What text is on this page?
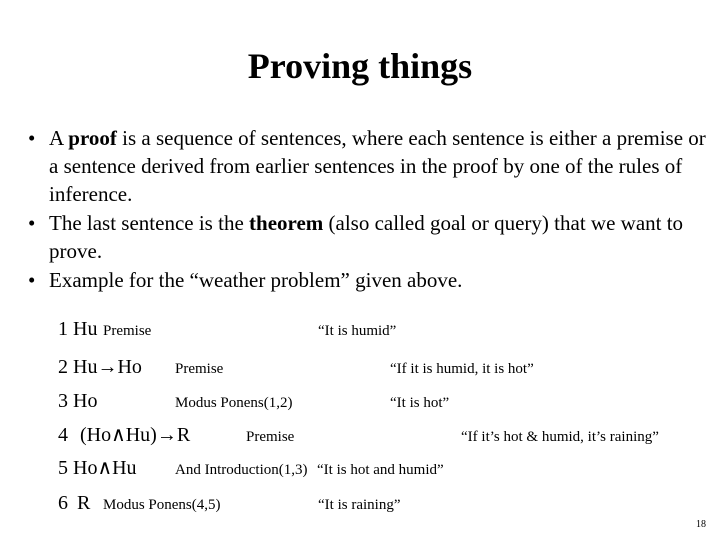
Proving things
• A proof is a sequence of sentences, where each sentence is either a premise or a sentence derived from earlier sentences in the proof by one of the rules of inference.
• The last sentence is the theorem (also called goal or query) that we want to prove.
• Example for the “weather problem” given above.
1 Hu Premise	“It is humid”
2 Hu→Ho Premise	“If it is humid, it is hot”
3 Ho	Modus Ponens(1,2)	“It is hot”
4 (Ho∧Hu)→R	Premise	“If it’s hot & humid, it’s raining”
5 Ho∧Hu	And Introduction(1,3) “It is hot and humid”
6 R Modus Ponens(4,5)	“It is raining”
18
